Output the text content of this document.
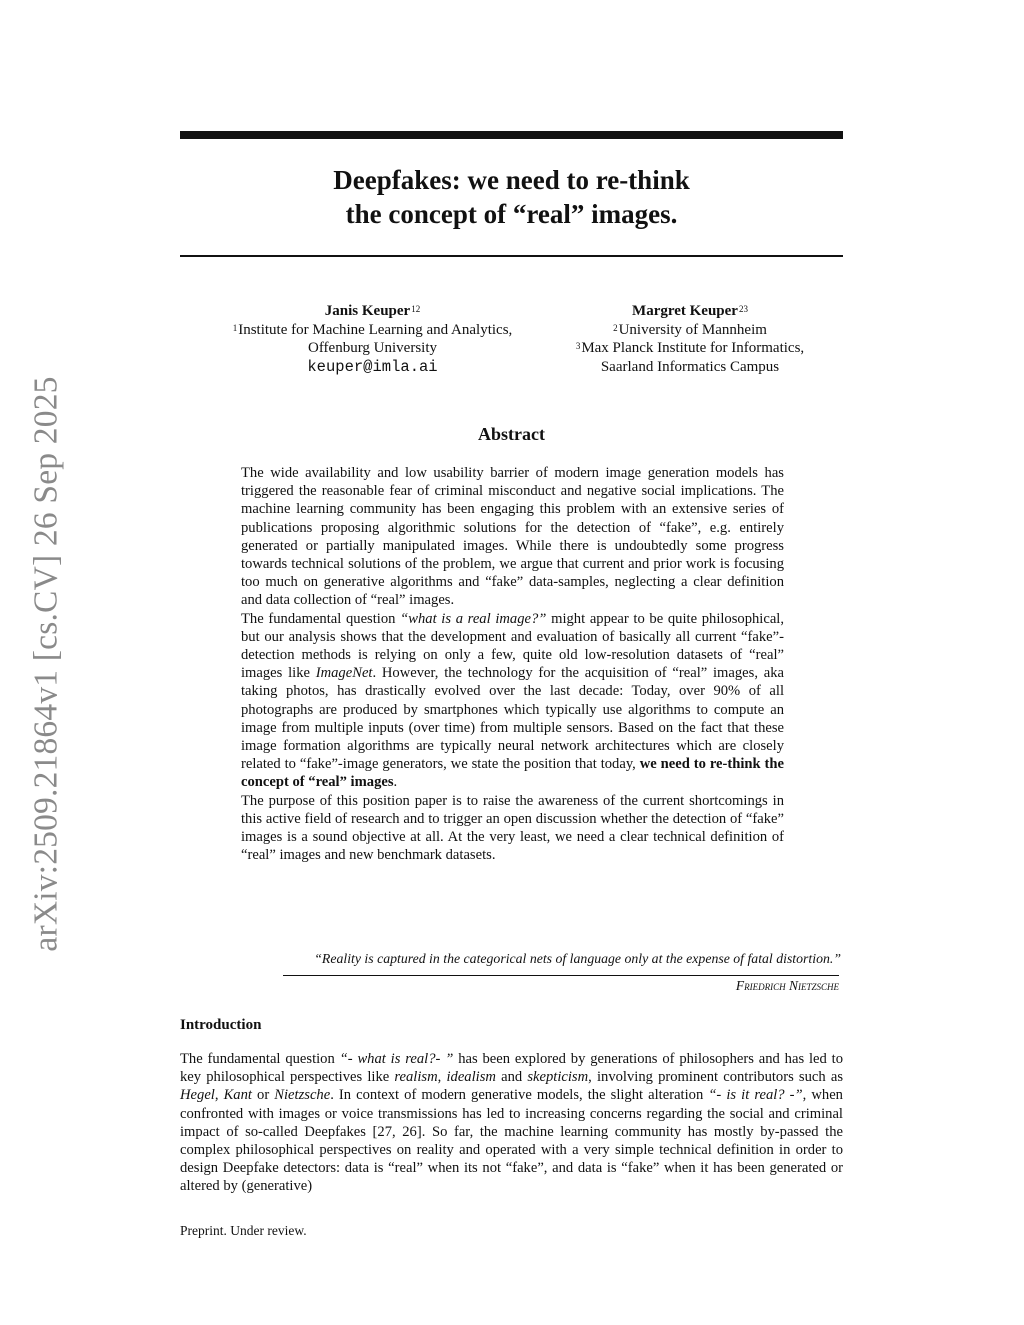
arXiv:2509.21864v1 [cs.CV] 26 Sep 2025
Deepfakes: we need to re-think
the concept of “real” images.
Janis Keuper$^{12}$
$^1$Institute for Machine Learning and Analytics,
Offenburg University
keuper@imla.ai
Margret Keuper$^{23}$
$^2$University of Mannheim
$^3$Max Planck Institute for Informatics,
Saarland Informatics Campus
Abstract

The wide availability and low usability barrier of modern image generation models has triggered the reasonable fear of criminal misconduct and negative social implications. The machine learning community has been engaging this problem with an extensive series of publications proposing algorithmic solutions for the detection of “fake”, e.g. entirely generated or partially manipulated images. While there is undoubtedly some progress towards technical solutions of the problem, we argue that current and prior work is focusing too much on generative algorithms and “fake” data-samples, neglecting a clear definition and data collection of “real” images.

The fundamental question “what is a real image?” might appear to be quite philosophical, but our analysis shows that the development and evaluation of basically all current “fake”-detection methods is relying on only a few, quite old low-resolution datasets of “real” images like ImageNet. However, the technology for the acquisition of “real” images, aka taking photos, has drastically evolved over the last decade: Today, over 90% of all photographs are produced by smartphones which typically use algorithms to compute an image from multiple inputs (over time) from multiple sensors. Based on the fact that these image formation algorithms are typically neural network architectures which are closely related to “fake”-image generators, we state the position that today, we need to re-think the concept of “real” images.

The purpose of this position paper is to raise the awareness of the current shortcomings in this active field of research and to trigger an open discussion whether the detection of “fake” images is a sound objective at all. At the very least, we need a clear technical definition of “real” images and new benchmark datasets.

“Reality is captured in the categorical nets of language only at the expense of fatal distortion.”
Friedrich Nietzsche
Introduction

The fundamental question “- what is real?- ” has been explored by generations of philosophers and has led to key philosophical perspectives like realism, idealism and skepticism, involving prominent contributors such as Hegel, Kant or Nietzsche. In context of modern generative models, the slight alteration “- is it real? -”, when confronted with images or voice transmissions has led to increasing concerns regarding the social and criminal impact of so-called Deepfakes [27, 26]. So far, the machine learning community has mostly by-passed the complex philosophical perspectives on reality and operated with a very simple technical definition in order to design Deepfake detectors: data is “real” when its not “fake”, and data is “fake” when it has been generated or altered by (generative)

Preprint. Under review.
